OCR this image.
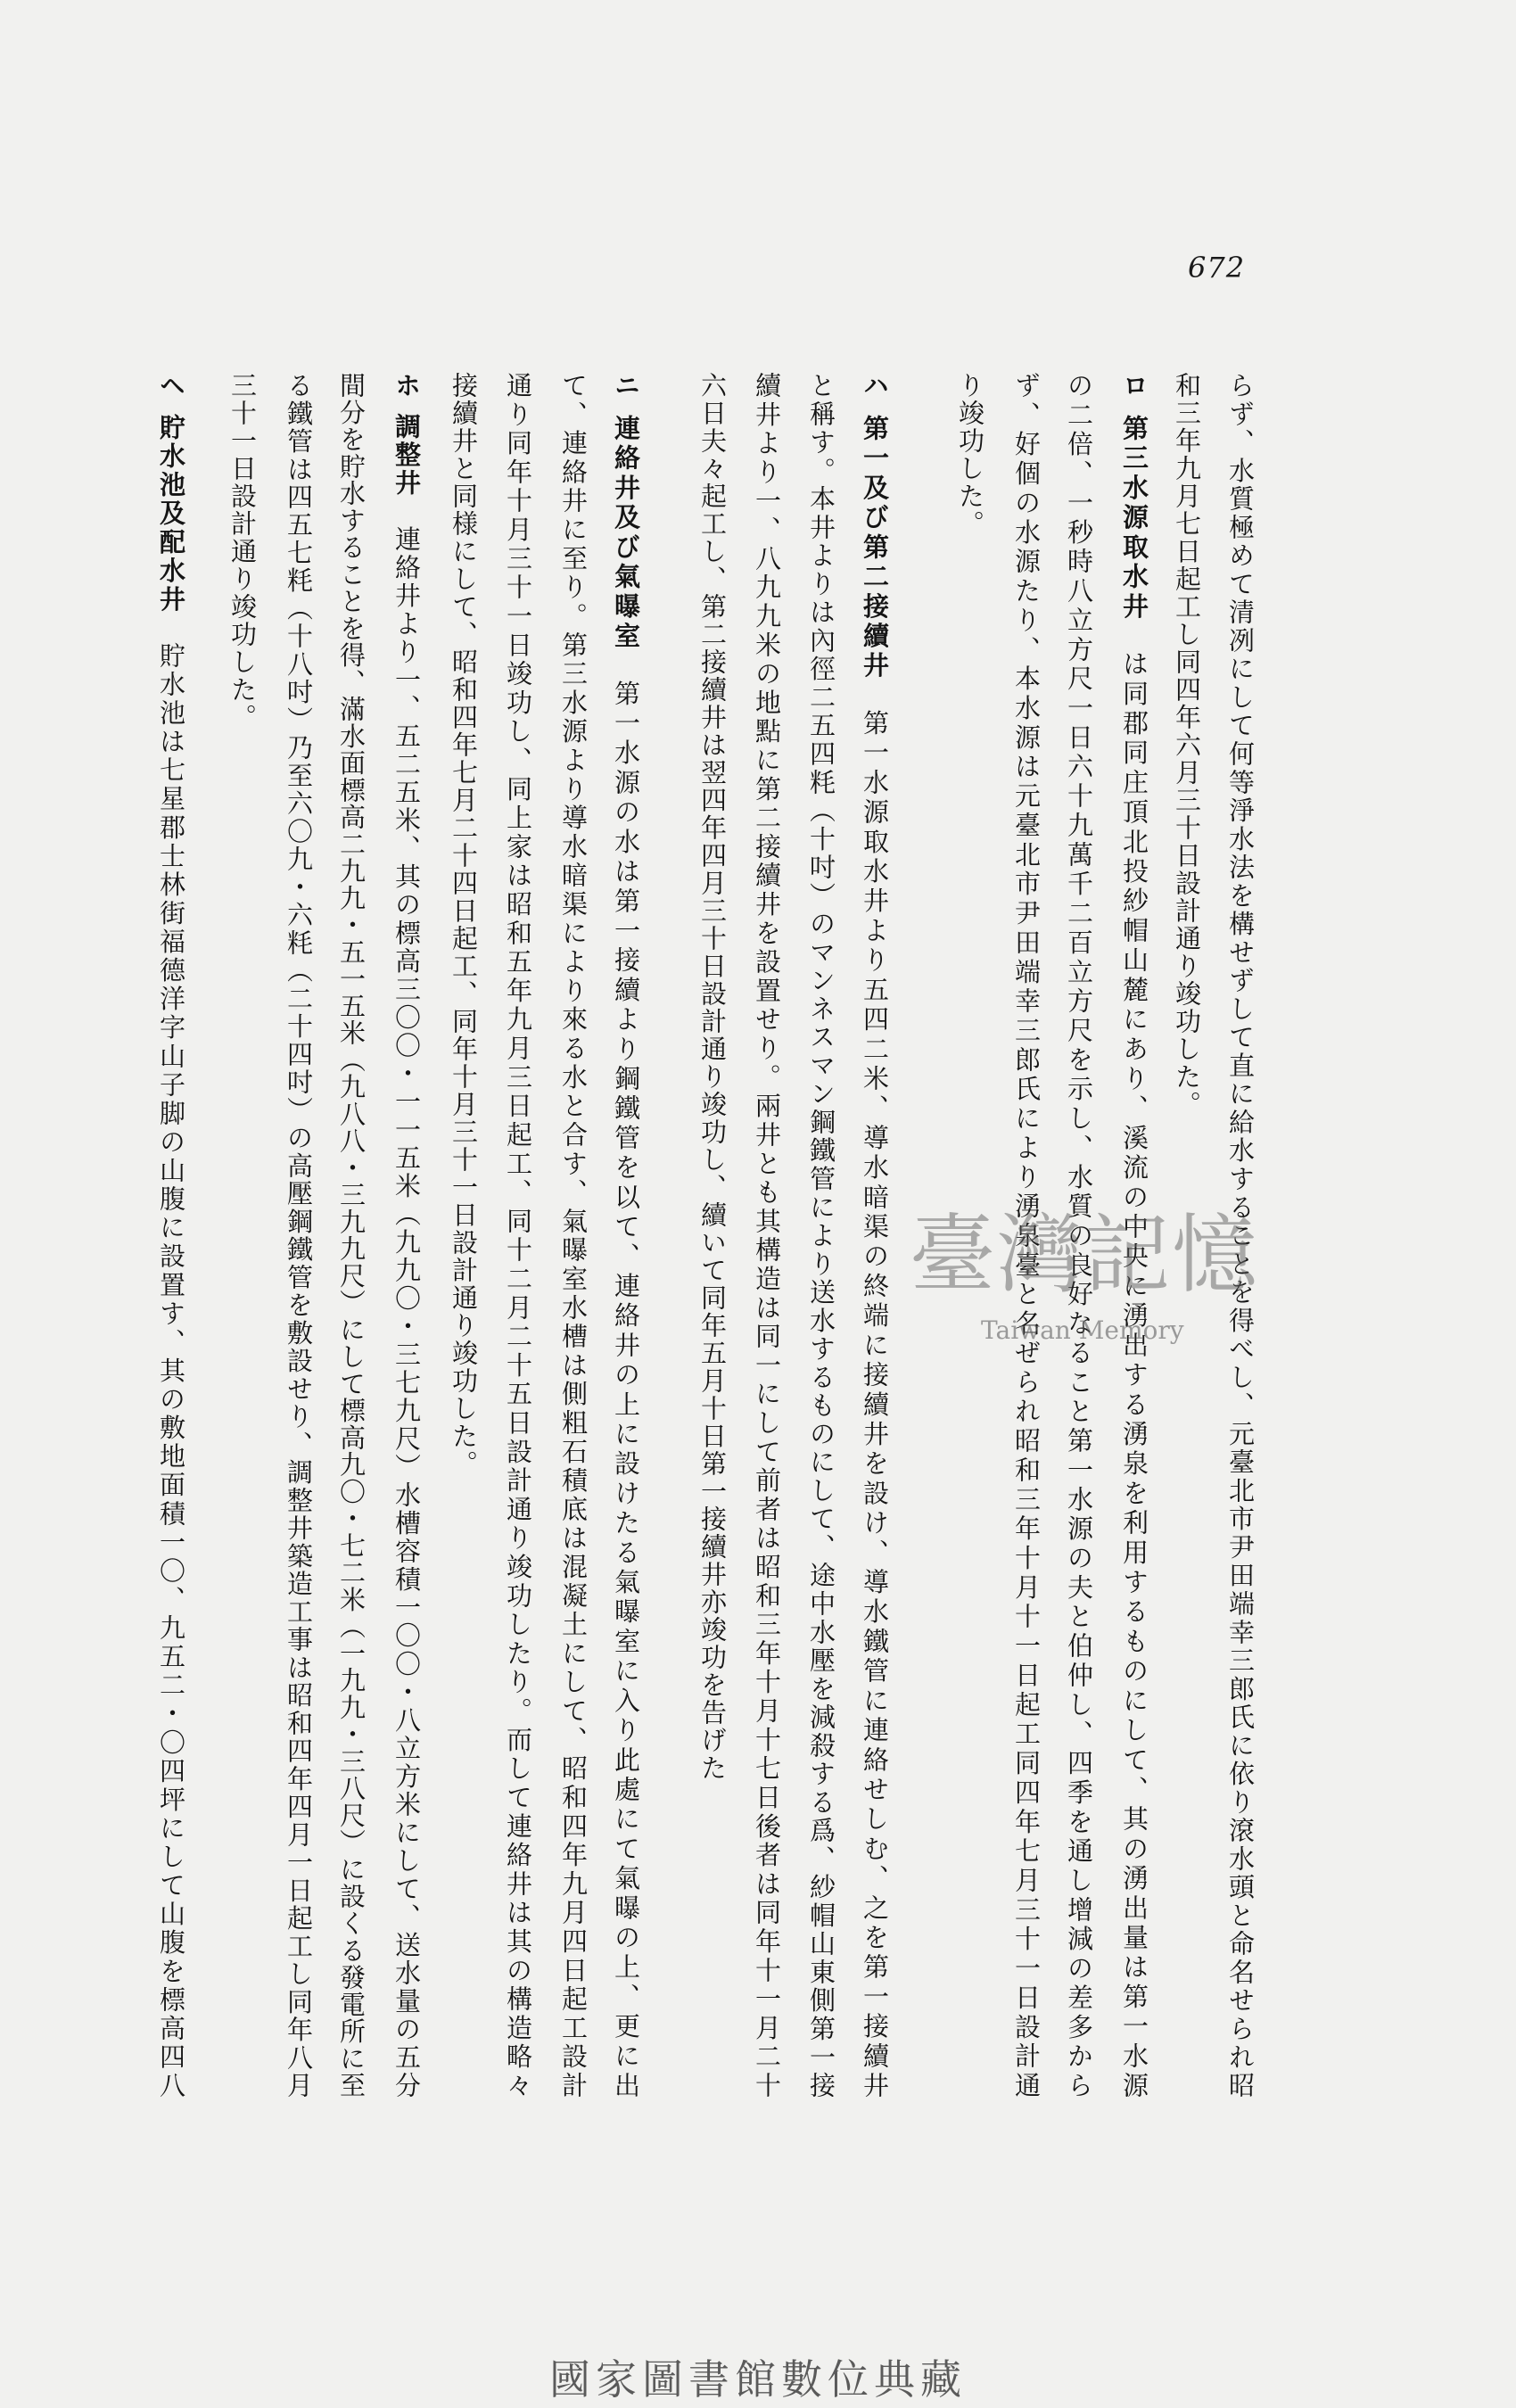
672
らず、水質極めて清冽にして何等淨水法を構せずして直に給水することを得べし、元臺北市尹田端幸三郎氏に依り滾水頭と命名せられ昭
和三年九月七日起工し同四年六月三十日設計通り竣功した。
ロ第三水源取水井は同郡同庄頂北投紗帽山麓にあり、溪流の中央に湧出する湧泉を利用するものにして、其の湧出量は第一水源
の二倍、一秒時八立方尺一日六十九萬千二百立方尺を示し、水質の良好なること第一水源の夫と伯仲し、四季を通し增減の差多から
ず、好個の水源たり、本水源は元臺北市尹田端幸三郎氏により湧泉臺と名ぜられ昭和三年十月十一日起工同四年七月三十一日設計通
り竣功した。
ハ第一及び第二接續井第一水源取水井より五四二米、導水暗渠の終端に接續井を設け、導水鐵管に連絡せしむ、之を第一接續井
と稱す。本井よりは內徑二五四粍（十吋）のマンネスマン鋼鐵管により送水するものにして、途中水壓を減殺する爲、紗帽山東側第一接
續井より一、八九九米の地點に第二接續井を設置せり。兩井とも其構造は同一にして前者は昭和三年十月十七日後者は同年十一月二十
六日夫々起工し、第二接續井は翌四年四月三十日設計通り竣功し、續いて同年五月十日第一接續井亦竣功を告げた
ニ連絡井及び氣曝室第一水源の水は第一接續より鋼鐵管を以て、連絡井の上に設けたる氣曝室に入り此處にて氣曝の上、更に出
て、連絡井に至り。第三水源より導水暗渠により來る水と合す、氣曝室水槽は側粗石積底は混凝土にして、昭和四年九月四日起工設計
通り同年十月三十一日竣功し、同上家は昭和五年九月三日起工、同十二月二十五日設計通り竣功したり。而して連絡井は其の構造略々
接續井と同様にして、昭和四年七月二十四日起工、同年十月三十一日設計通り竣功した。
ホ調整井連絡井より一、五二五米、其の標高三〇〇・一一五米（九九〇・三七九尺）水槽容積一〇〇・八立方米にして、送水量の五分
間分を貯水することを得、滿水面標高二九九・五一五米（九八八・三九九尺）にして標高九〇・七二米（一九九・三八尺）に設くる發電所に至
る鐵管は四五七粍（十八吋）乃至六〇九・六粍（二十四吋）の高壓鋼鐵管を敷設せり、調整井築造工事は昭和四年四月一日起工し同年八月
三十一日設計通り竣功した。
ヘ貯水池及配水井貯水池は七星郡士林街福德洋字山子脚の山腹に設置す、其の敷地面積一〇、九五二・〇四坪にして山腹を標高四八	臺灣記憶
Taiwan Memory
國家圖書館數位典藏
